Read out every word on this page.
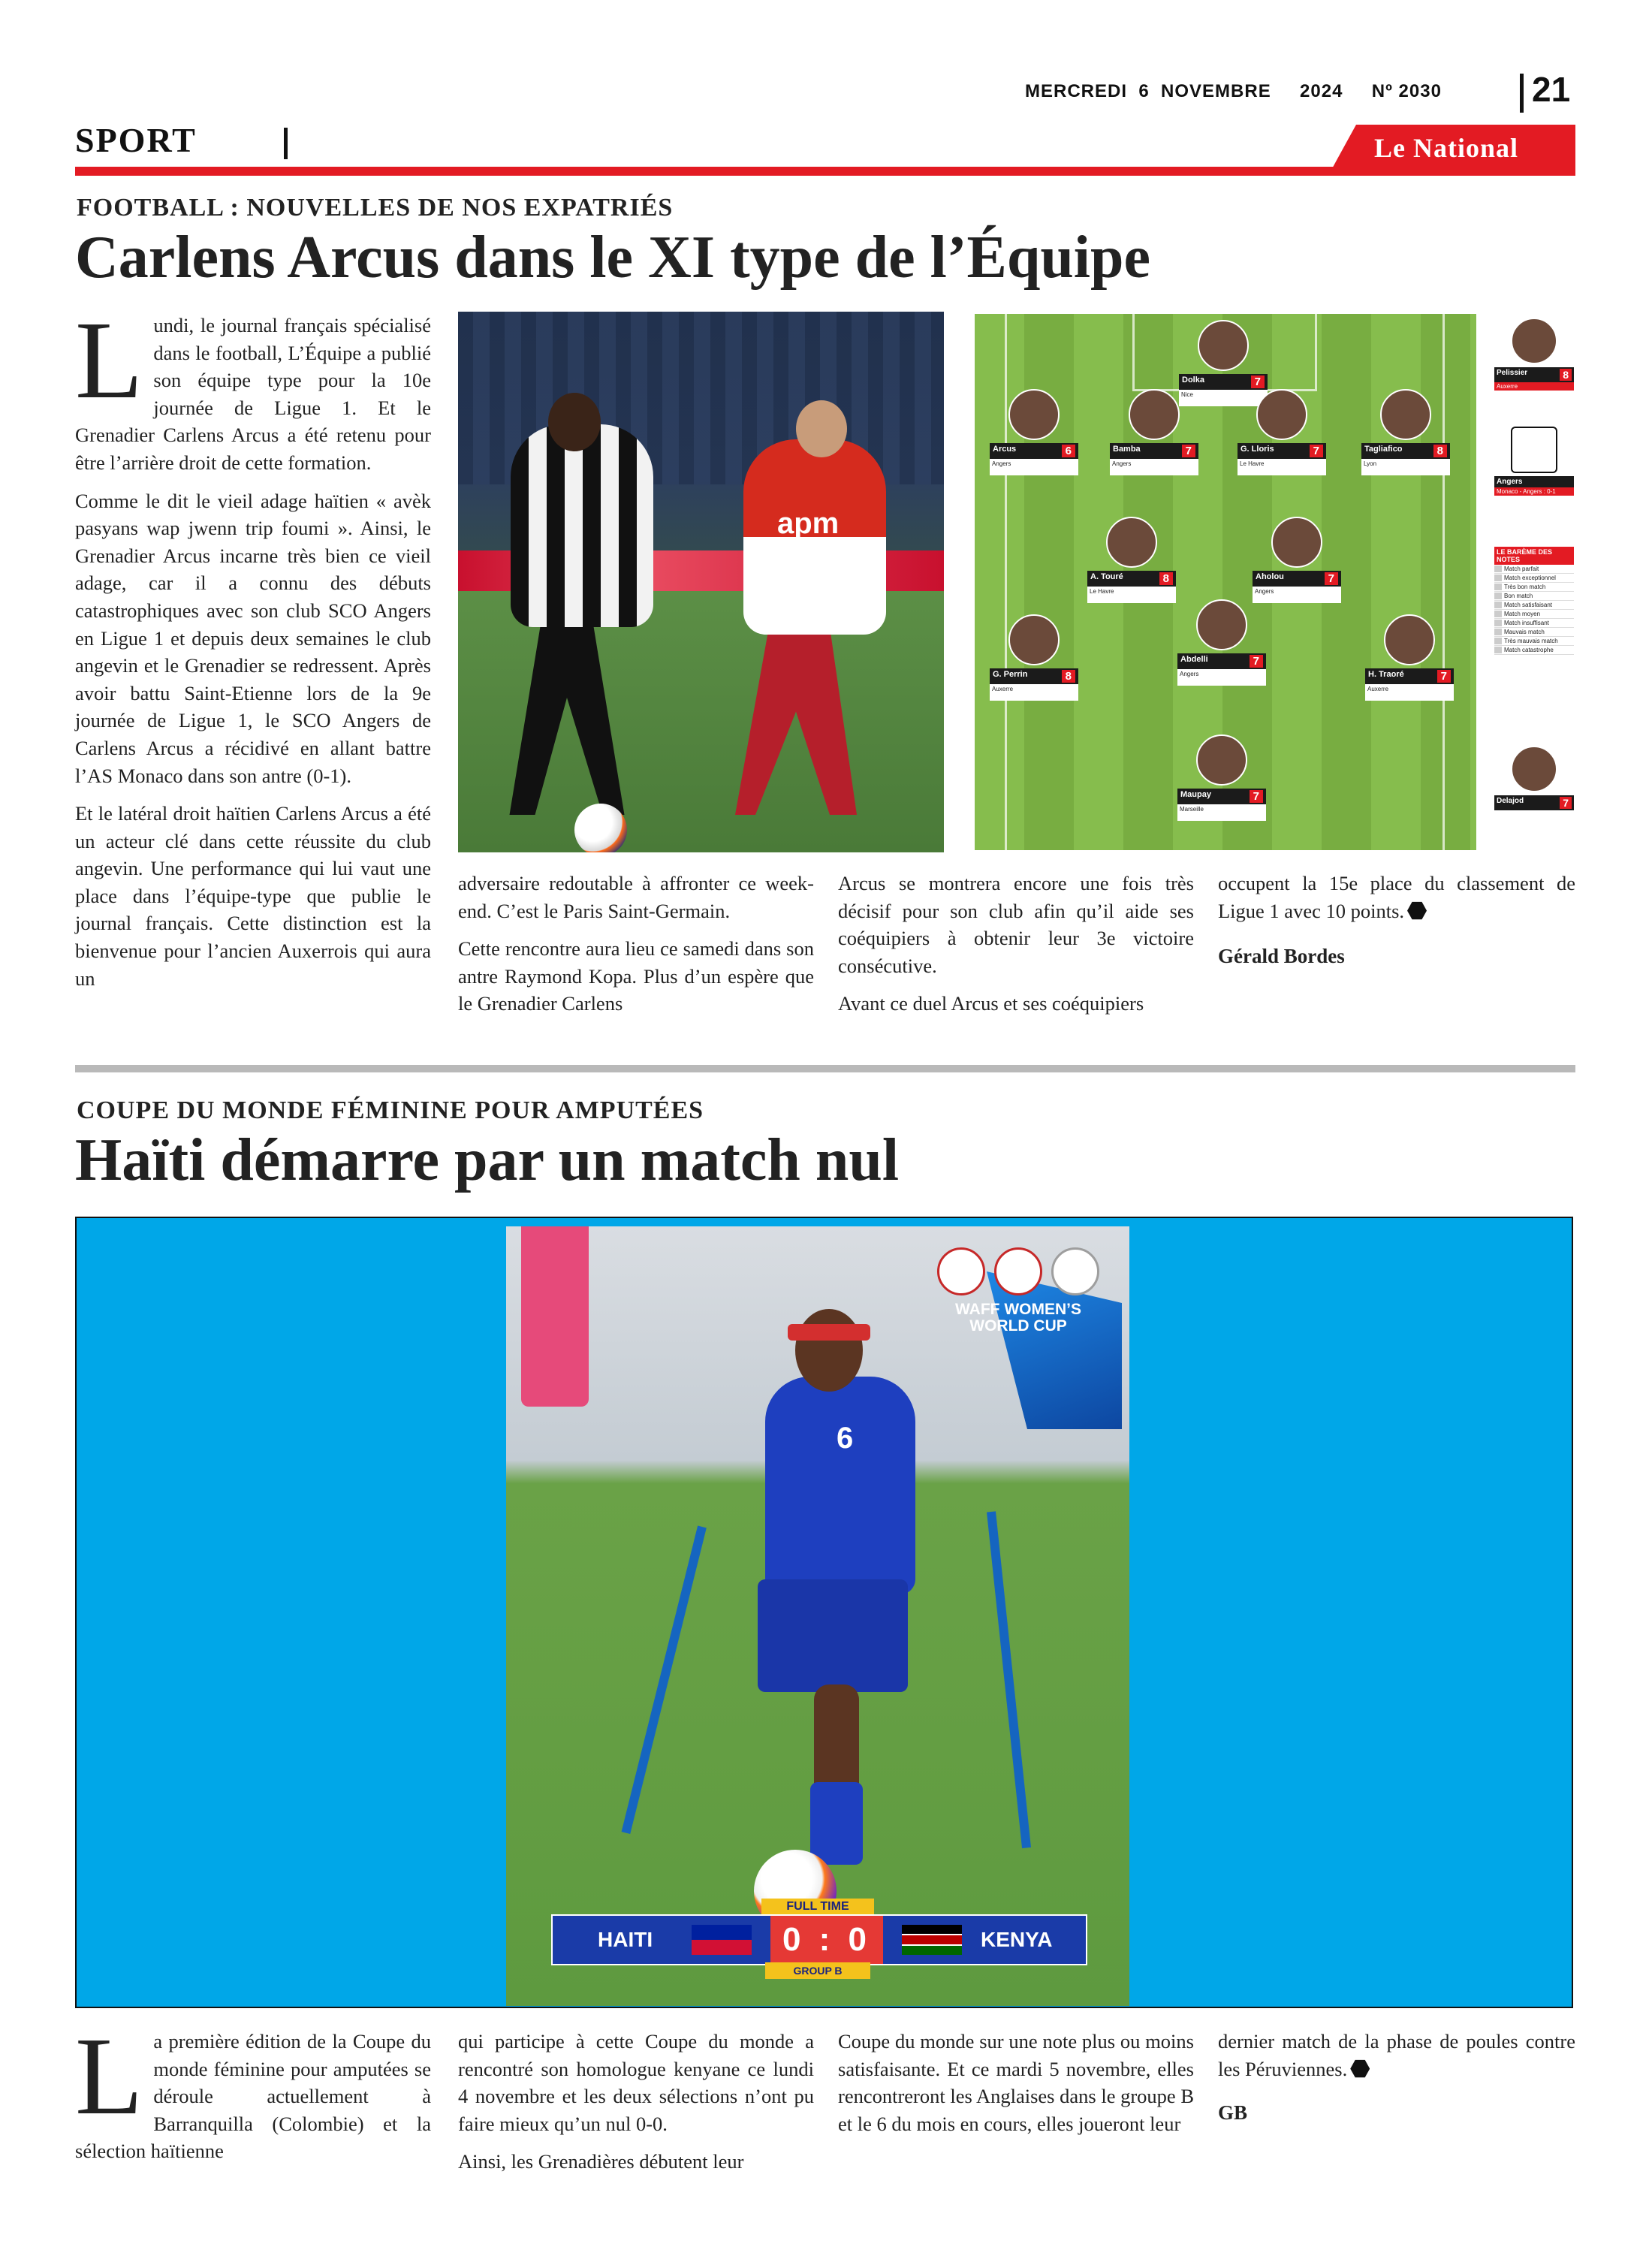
MERCREDI  6  NOVEMBRE     2024     Nº 2030	21
SPORT	Le National
FOOTBALL : NOUVELLES DE NOS EXPATRIÉS
Carlens Arcus dans le XI type de l’Équipe

Lundi, le journal français spécialisé dans le football, L’Équipe a publié son équipe type pour la 10e journée de Ligue 1. Et le Grenadier Carlens Arcus a été retenu pour être l’arrière droit de cette formation.

Comme le dit le vieil adage haïtien « avèk pasyans wap jwenn trip foumi ». Ainsi, le Grenadier Arcus incarne très bien ce vieil adage, car il a connu des débuts catastrophiques avec son club SCO Angers en Ligue 1 et depuis deux semaines le club angevin et le Grenadier se redressent. Après avoir battu Saint-Etienne lors de la 9e journée de Ligue 1, le SCO Angers de Carlens Arcus a récidivé en allant battre l’AS Monaco dans son antre (0-1).

Et le latéral droit haïtien Carlens Arcus a été un acteur clé dans cette réussite du club angevin. Une performance qui lui vaut une place dans l’équipe-type que publie le journal français. Cette distinction est la bienvenue pour l’ancien Auxerrois qui aura un

apm
Dolka	7
Nice
Arcus	6
Angers
Bamba	7
Angers
G. Lloris	7
Le Havre
Tagliafico	8
Lyon
A. Touré	8
Le Havre
Aholou	7
Angers
G. Perrin	8
Auxerre
Abdelli	7
Angers	H. Traoré	7
Auxerre
Maupay	7
Marseille
Pelissier	8
Auxerre
Angers
Monaco - Angers : 0-1
LE BARÈME DES NOTES
Match parfait
Match exceptionnel
Très bon match
Bon match
Match satisfaisant
Match moyen
Match insuffisant
Mauvais match
Très mauvais match
Match catastrophe
Delajod	7

adversaire redoutable à affronter ce week-end. C’est le Paris Saint-Germain.

Cette rencontre aura lieu ce samedi dans son antre Raymond Kopa. Plus d’un espère que le Grenadier Carlens

Arcus se montrera encore une fois très décisif pour son club afin qu’il aide ses coéquipiers à obtenir leur 3e victoire consécutive.

Avant ce duel Arcus et ses coéquipiers

occupent la 15e place du classement de Ligue 1 avec 10 points.

Gérald Bordes

COUPE DU MONDE FÉMININE POUR AMPUTÉES
Haïti démarre par un match nul
WAFF WOMEN’S WORLD CUP
6
FULL TIME
HAITI	0 : 0	KENYA
GROUP B

La première édition de la Coupe du monde féminine pour amputées se déroule actuellement à Barranquilla (Colombie) et la sélection haïtienne

qui participe à cette Coupe du monde a rencontré son homologue kenyane ce lundi 4 novembre et les deux sélections n’ont pu faire mieux qu’un nul 0-0.

Ainsi, les Grenadières débutent leur

Coupe du monde sur une note plus ou moins satisfaisante. Et ce mardi 5 novembre, elles rencontreront les Anglaises dans le groupe B et le 6 du mois en cours, elles joueront leur

dernier match de la phase de poules contre les Péruviennes.

GB
